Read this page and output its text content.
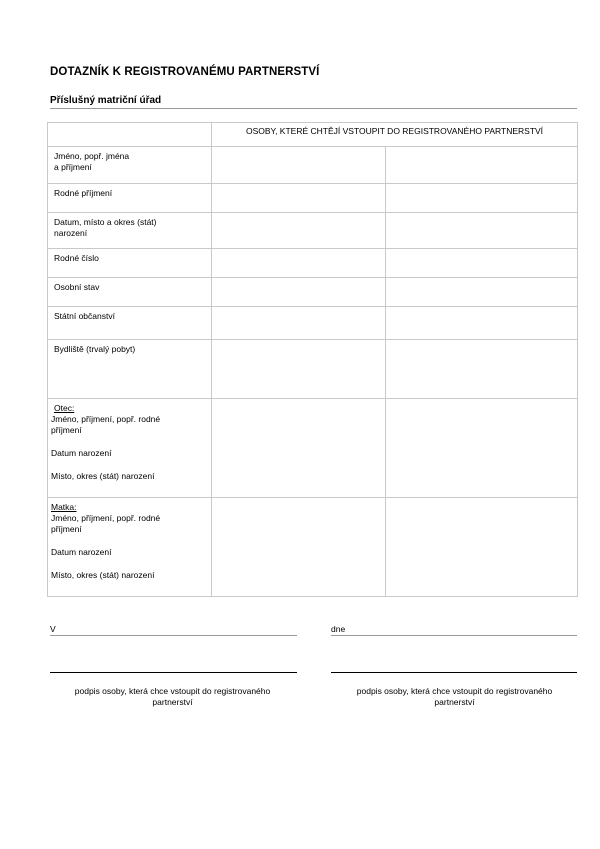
DOTAZNÍK K REGISTROVANÉMU PARTNERSTVÍ
Příslušný matriční úřad
	OSOBY, KTERÉ CHTĚJÍ VSTOUPIT DO REGISTROVANÉHO PARTNERSTVÍ	
Jméno, popř. jména
a příjmení		
Rodné příjmení		
Datum, místo a okres (stát)
narození		
Rodné číslo		
Osobní stav		
Státní občanství		
Bydliště (trvalý pobyt)		
Otec:
Jméno, příjmení, popř. rodné
příjmení
Datum narození
Místo, okres (stát) narození		
Matka:
Jméno, příjmení, popř. rodné
příjmení
Datum narození
Místo, okres (stát) narození		
V	dne
podpis osoby, která chce vstoupit do registrovaného
partnerství
podpis osoby, která chce vstoupit do registrovaného
partnerství
